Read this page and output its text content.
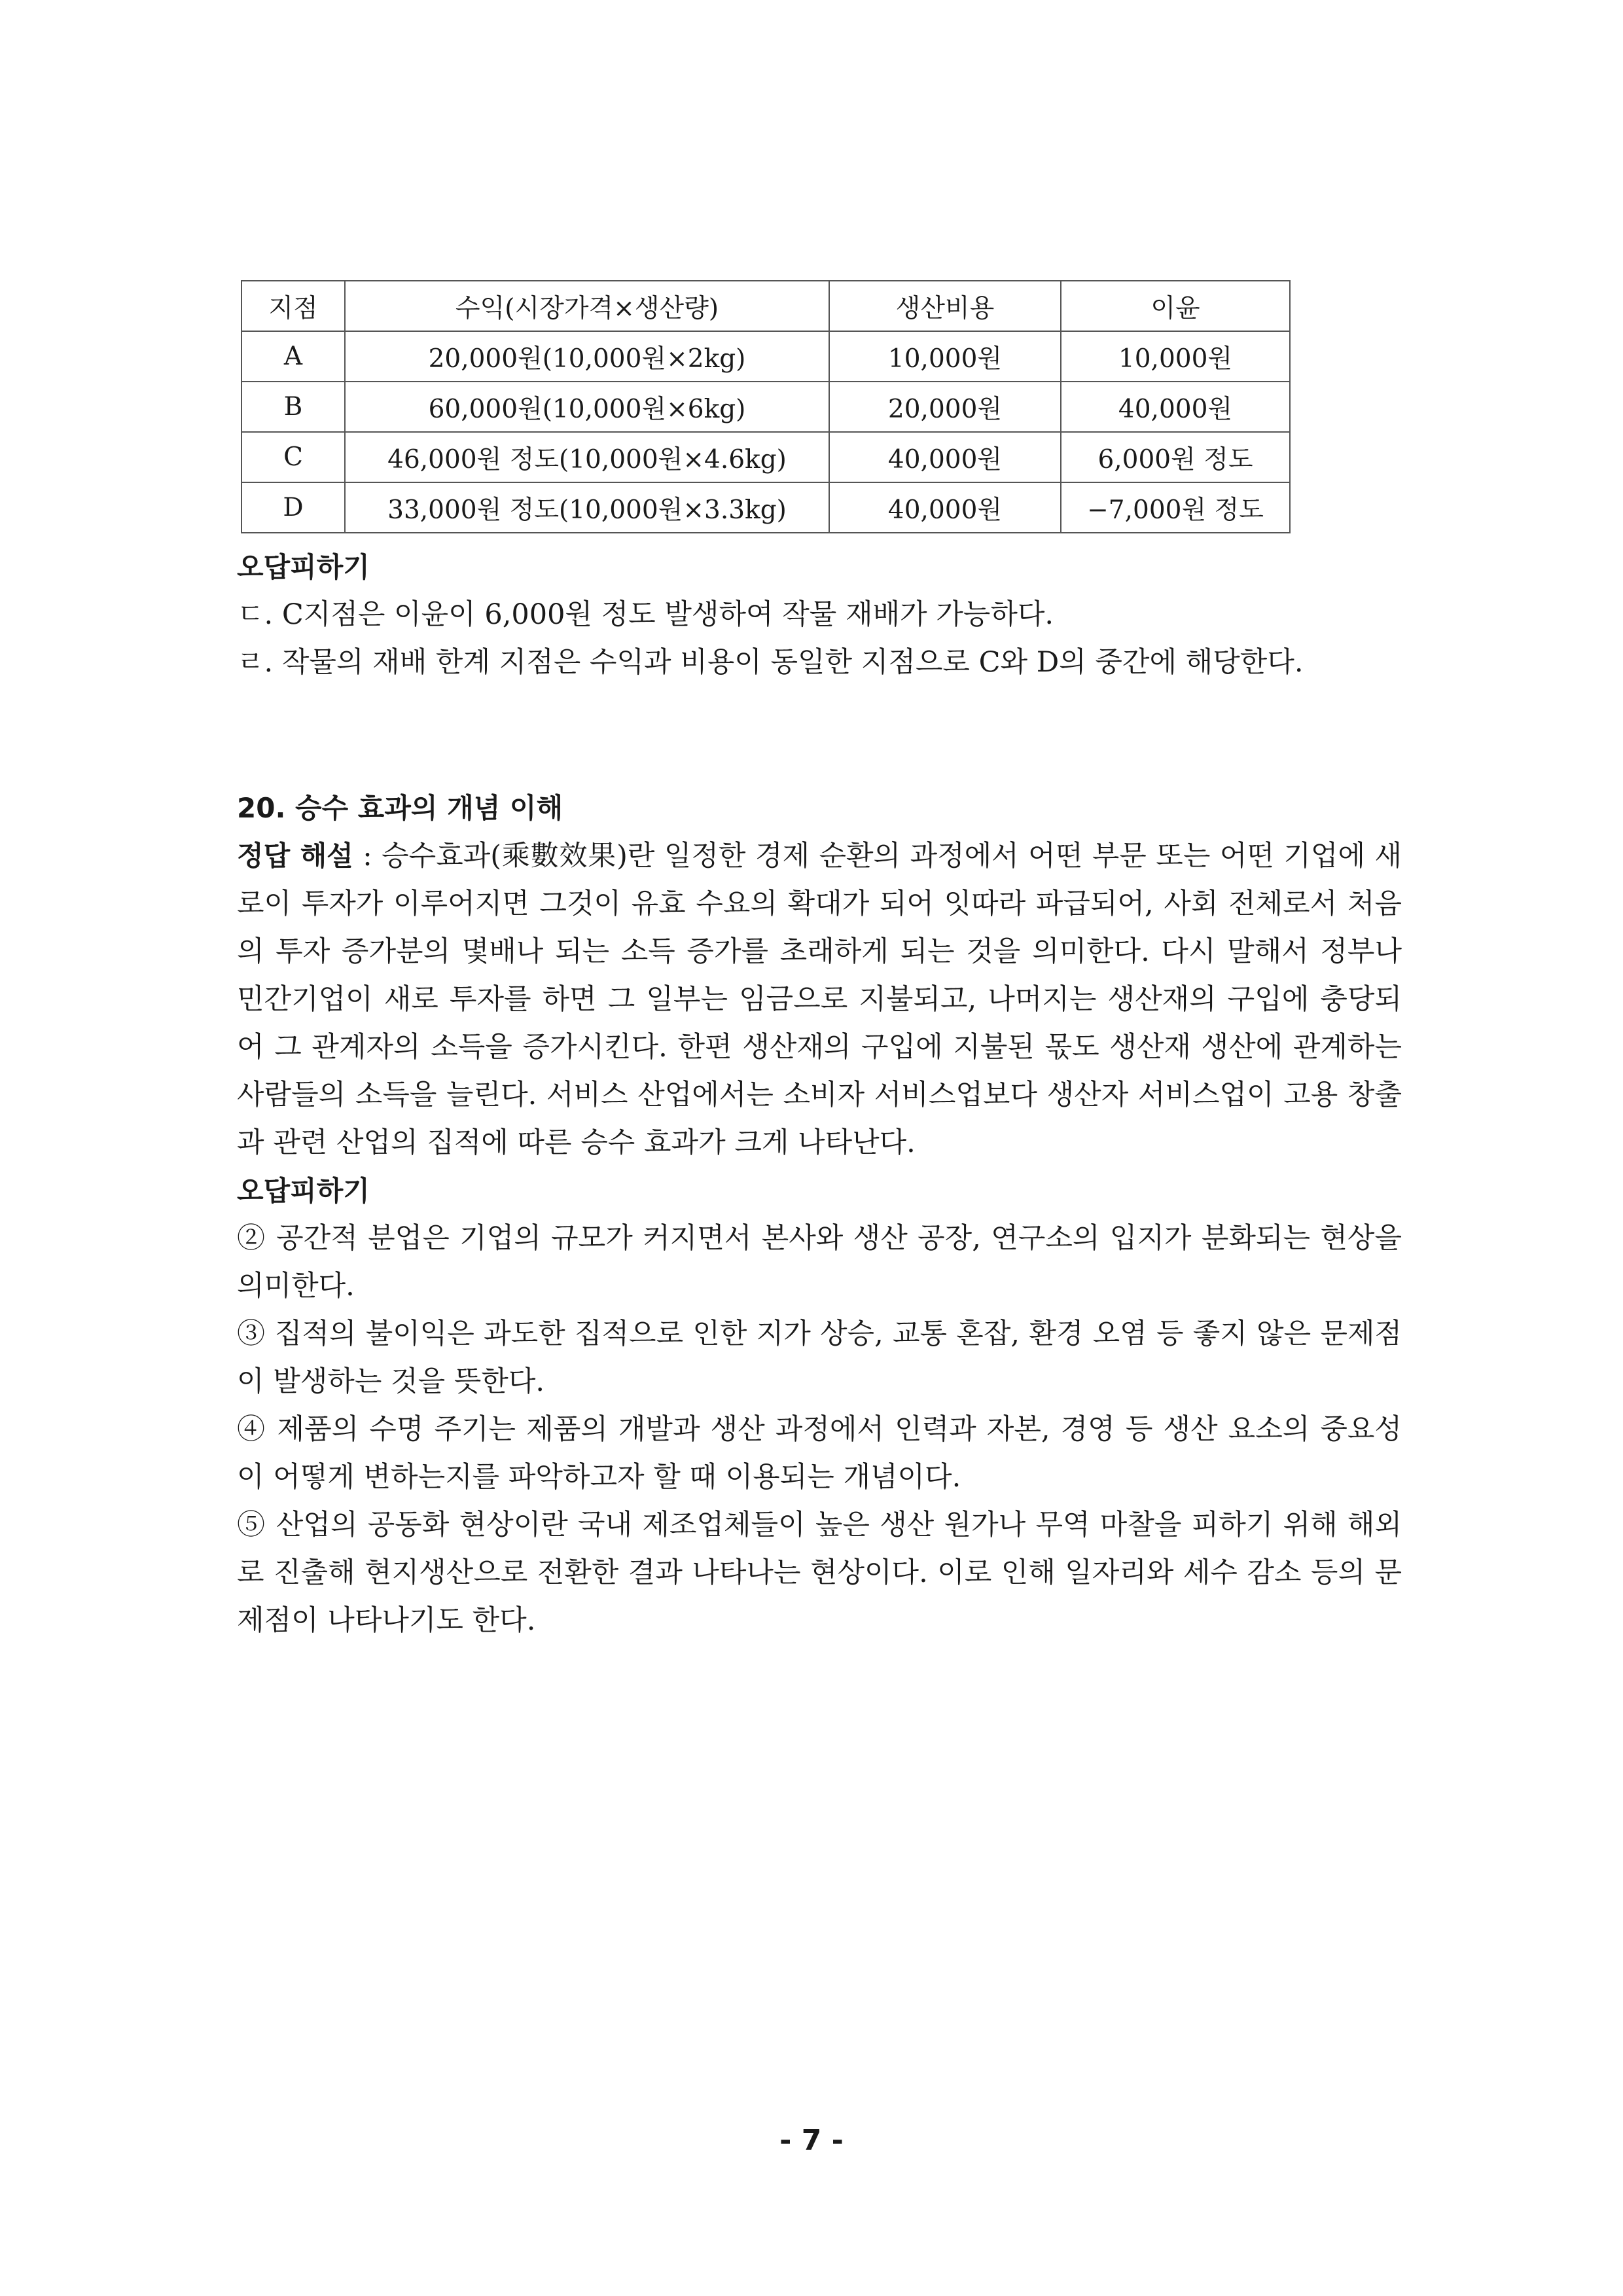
지점	수익(시장가격×생산량)	생산비용	이윤
A	20,000원(10,000원×2kg)	10,000원	10,000원
B	60,000원(10,000원×6kg)	20,000원	40,000원
C	46,000원 정도(10,000원×4.6kg)	40,000원	6,000원 정도
D	33,000원 정도(10,000원×3.3kg)	40,000원	−7,000원 정도
오답피하기
ㄷ. C지점은 이윤이 6,000원 정도 발생하여 작물 재배가 가능하다.
ㄹ. 작물의 재배 한계 지점은 수익과 비용이 동일한 지점으로 C와 D의 중간에 해당한다.
20. 승수 효과의 개념 이해
정답 해설 : 승수효과(乘數效果)란 일정한 경제 순환의 과정에서 어떤 부문 또는 어떤 기업에 새로이 투자가 이루어지면 그것이 유효 수요의 확대가 되어 잇따라 파급되어, 사회 전체로서 처음의 투자 증가분의 몇배나 되는 소득 증가를 초래하게 되는 것을 의미한다. 다시 말해서 정부나 민간기업이 새로 투자를 하면 그 일부는 임금으로 지불되고, 나머지는 생산재의 구입에 충당되어 그 관계자의 소득을 증가시킨다. 한편 생산재의 구입에 지불된 몫도 생산재 생산에 관계하는 사람들의 소득을 늘린다. 서비스 산업에서는 소비자 서비스업보다 생산자 서비스업이 고용 창출과 관련 산업의 집적에 따른 승수 효과가 크게 나타난다.
오답피하기
② 공간적 분업은 기업의 규모가 커지면서 본사와 생산 공장, 연구소의 입지가 분화되는 현상을 의미한다.
③ 집적의 불이익은 과도한 집적으로 인한 지가 상승, 교통 혼잡, 환경 오염 등 좋지 않은 문제점이 발생하는 것을 뜻한다.
④ 제품의 수명 주기는 제품의 개발과 생산 과정에서 인력과 자본, 경영 등 생산 요소의 중요성이 어떻게 변하는지를 파악하고자 할 때 이용되는 개념이다.
⑤ 산업의 공동화 현상이란 국내 제조업체들이 높은 생산 원가나 무역 마찰을 피하기 위해 해외로 진출해 현지생산으로 전환한 결과 나타나는 현상이다. 이로 인해 일자리와 세수 감소 등의 문제점이 나타나기도 한다.
- 7 -
